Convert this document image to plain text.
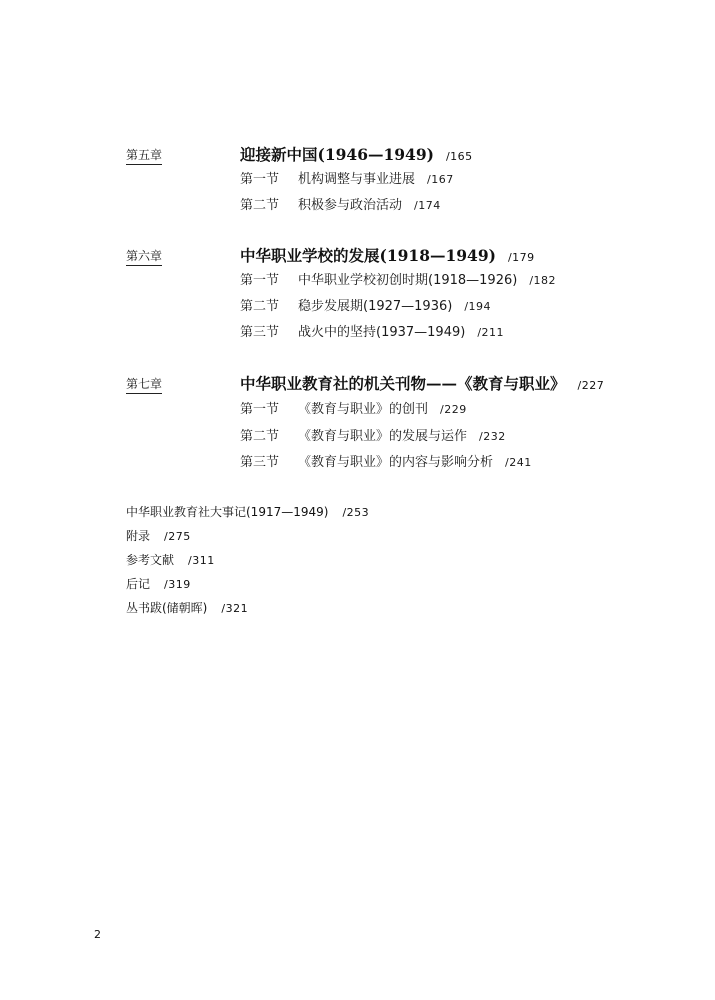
第五章	迎接新中国(1946—1949) /165
第一节 机构调整与事业进展 /167
第二节 积极参与政治活动 /174
第六章	中华职业学校的发展(1918—1949) /179
第一节 中华职业学校初创时期(1918—1926) /182
第二节 稳步发展期(1927—1936) /194
第三节 战火中的坚持(1937—1949) /211
第七章	中华职业教育社的机关刊物——《教育与职业》 /227
第一节 《教育与职业》的创刊 /229
第二节 《教育与职业》的发展与运作 /232
第三节 《教育与职业》的内容与影响分析 /241
中华职业教育社大事记(1917—1949) /253
附录 /275
参考文献 /311
后记 /319
丛书跋(储朝晖) /321
2
